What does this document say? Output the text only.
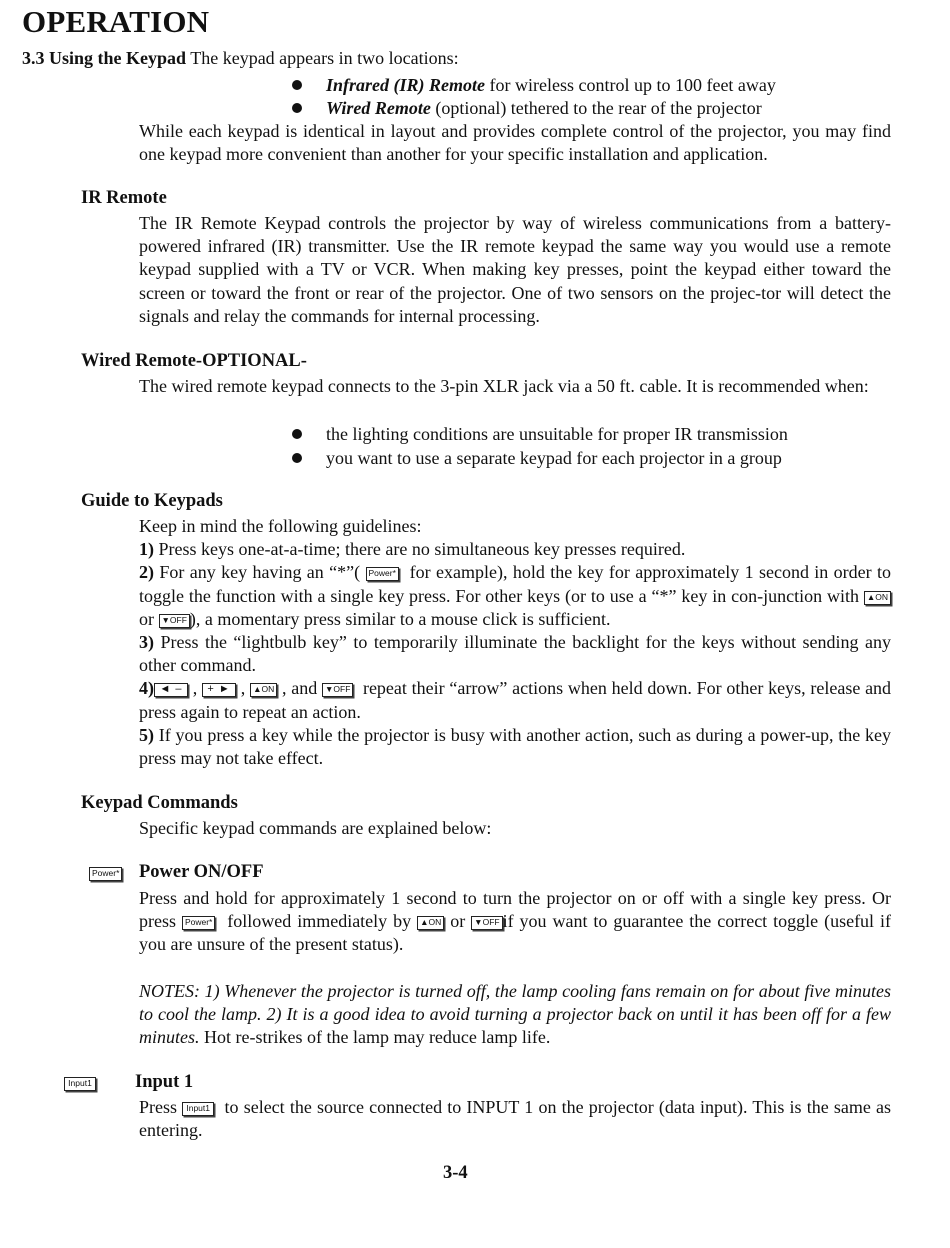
OPERATION
3.3 Using the Keypad The keypad appears in two locations:
Infrared (IR) Remote for wireless control up to 100 feet away
Wired Remote (optional) tethered to the rear of the projector

While each keypad is identical in layout and provides complete control of the projector, you may find one keypad more convenient than another for your specific installation and application.

IR Remote

The IR Remote Keypad controls the projector by way of wireless communications from a battery-powered infrared (IR) transmitter. Use the IR remote keypad the same way you would use a remote keypad supplied with a TV or VCR. When making key presses, point the keypad either toward the screen or toward the front or rear of the projector. One of two sensors on the projec-tor will detect the signals and relay the commands for internal processing.

Wired Remote-OPTIONAL-

The wired remote keypad connects to the 3-pin XLR jack via a 50 ft. cable. It is recommended when:

the lighting conditions are unsuitable for proper IR transmission
you want to use a separate keypad for each projector in a group
Guide to Keypads

Keep in mind the following guidelines:

1) Press keys one-at-a-time; there are no simultaneous key presses required.

2) For any key having an “*”( Power* for example), hold the key for approximately 1 second in order to toggle the function with a single key press. For other keys (or to use a “*” key in con-junction with ▲ON or ▼OFF ), a momentary press similar to a mouse click is sufficient.

3) Press the “lightbulb key” to temporarily illuminate the backlight for the keys without sending any other command.

4) ◄ – , + ► , ▲ON , and ▼OFF repeat their “arrow” actions when held down. For other keys, release and press again to repeat an action.

5) If you press a key while the projector is busy with another action, such as during a power-up, the key press may not take effect.

Keypad Commands

Specific keypad commands are explained below:

Power* Power ON/OFF

Press and hold for approximately 1 second to turn the projector on or off with a single key press. Or press Power* followed immediately by ▲ON or ▼OFF if you want to guarantee the correct toggle (useful if you are unsure of the present status).

NOTES: 1) Whenever the projector is turned off, the lamp cooling fans remain on for about five minutes to cool the lamp. 2) It is a good idea to avoid turning a projector back on until it has been off for a few minutes. Hot re-strikes of the lamp may reduce lamp life.

Input1 Input 1

Press Input1 to select the source connected to INPUT 1 on the projector (data input). This is the same as entering.

3-4
